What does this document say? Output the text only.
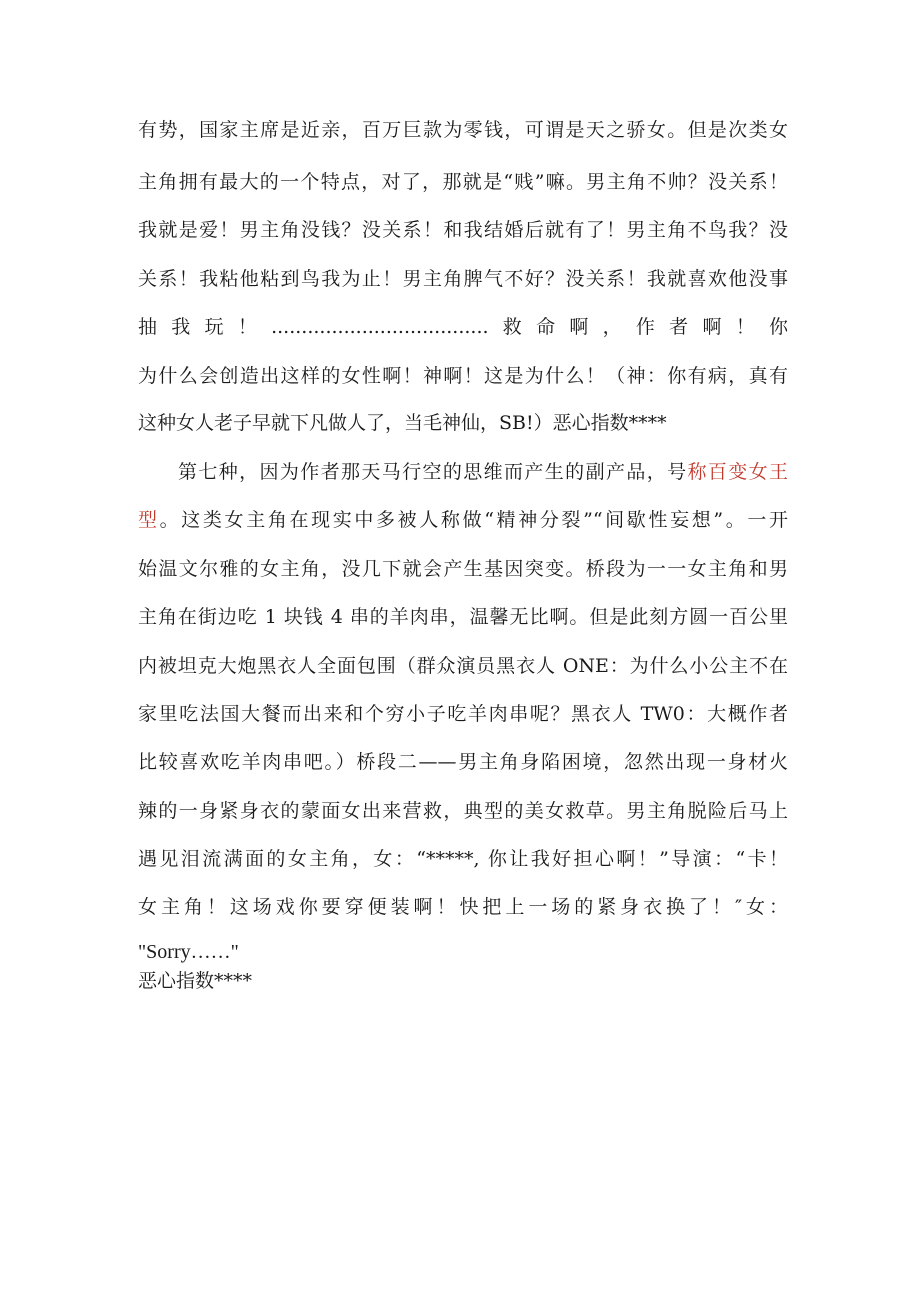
有势，国家主席是近亲，百万巨款为零钱，可谓是天之骄女。但是次类女
主角拥有最大的一个特点，对了，那就是“贱”嘛。男主角不帅？没关系！
我就是爱！男主角没钱？没关系！和我结婚后就有了！男主角不鸟我？没
关系！我粘他粘到鸟我为止！男主角脾气不好？没关系！我就喜欢他没事
抽我玩！....................................救命啊，作者啊！你
为什么会创造出这样的女性啊！神啊！这是为什么！（神：你有病，真有
这种女人老子早就下凡做人了，当毛神仙，SB!）恶心指数****
第七种，因为作者那天马行空的思维而产生的副产品，号称百变女王
型。这类女主角在现实中多被人称做“精神分裂”“间歇性妄想”。一开
始温文尔雅的女主角，没几下就会产生基因突变。桥段为一一女主角和男
主角在街边吃 1 块钱 4 串的羊肉串，温馨无比啊。但是此刻方圆一百公里
内被坦克大炮黑衣人全面包围（群众演员黑衣人 ONE：为什么小公主不在
家里吃法国大餐而出来和个穷小子吃羊肉串呢？黑衣人 TW0：大概作者
比较喜欢吃羊肉串吧。）桥段二——男主角身陷困境，忽然出现一身材火
辣的一身紧身衣的蒙面女出来营救，典型的美女救草。男主角脱险后马上
遇见泪流满面的女主角，女：“*****, 你让我好担心啊！”导演：“卡！
女主角！这场戏你要穿便装啊！快把上一场的紧身衣换了！″女：
"Sorry……"
恶心指数****
